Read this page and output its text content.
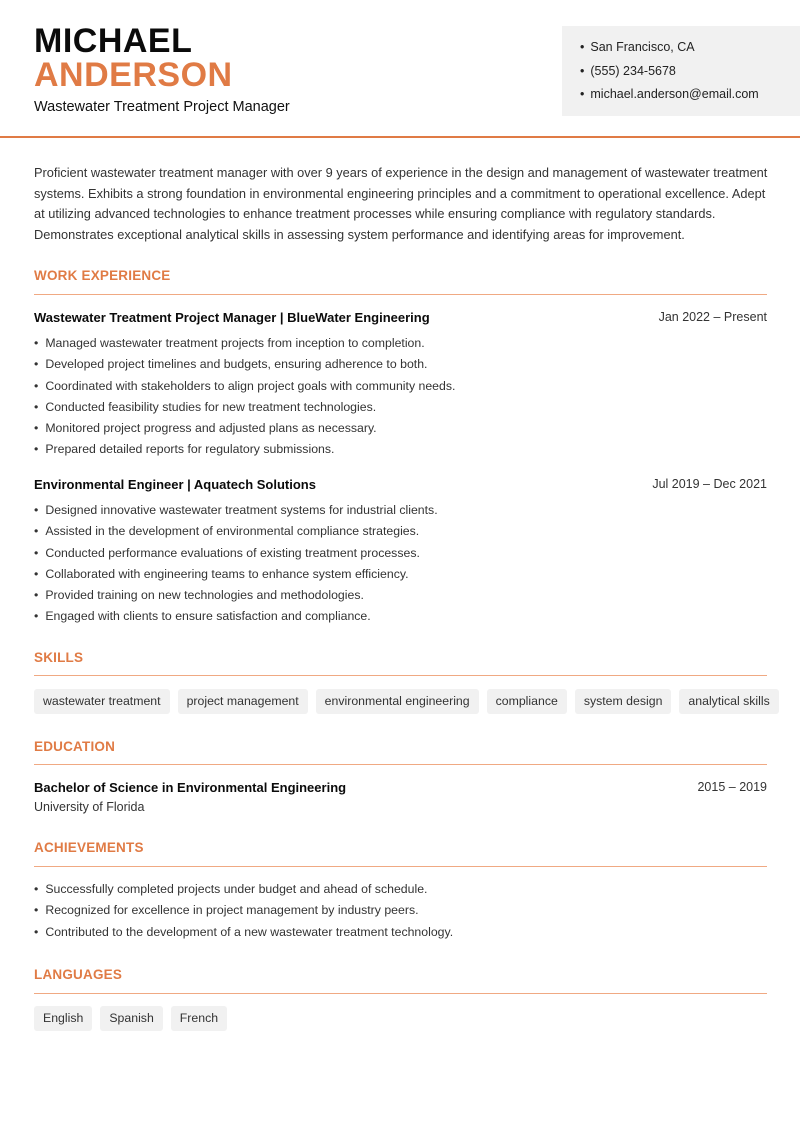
MICHAEL
ANDERSON
Wastewater Treatment Project Manager
• San Francisco, CA
• (555) 234-5678
• michael.anderson@email.com

Proficient wastewater treatment manager with over 9 years of experience in the design and management of wastewater treatment systems. Exhibits a strong foundation in environmental engineering principles and a commitment to operational excellence. Adept at utilizing advanced technologies to enhance treatment processes while ensuring compliance with regulatory standards. Demonstrates exceptional analytical skills in assessing system performance and identifying areas for improvement.

WORK EXPERIENCE
Wastewater Treatment Project Manager | BlueWater Engineering	Jan 2022 – Present
• Managed wastewater treatment projects from inception to completion.
• Developed project timelines and budgets, ensuring adherence to both.
• Coordinated with stakeholders to align project goals with community needs.
• Conducted feasibility studies for new treatment technologies.
• Monitored project progress and adjusted plans as necessary.
• Prepared detailed reports for regulatory submissions.
Environmental Engineer | Aquatech Solutions	Jul 2019 – Dec 2021
• Designed innovative wastewater treatment systems for industrial clients.
• Assisted in the development of environmental compliance strategies.
• Conducted performance evaluations of existing treatment processes.
• Collaborated with engineering teams to enhance system efficiency.
• Provided training on new technologies and methodologies.
• Engaged with clients to ensure satisfaction and compliance.
SKILLS
wastewater treatment	project management	environmental engineering	compliance	system design	analytical skills
EDUCATION
Bachelor of Science in Environmental Engineering	2015 – 2019
University of Florida
ACHIEVEMENTS
• Successfully completed projects under budget and ahead of schedule.
• Recognized for excellence in project management by industry peers.
• Contributed to the development of a new wastewater treatment technology.
LANGUAGES
English	Spanish	French
